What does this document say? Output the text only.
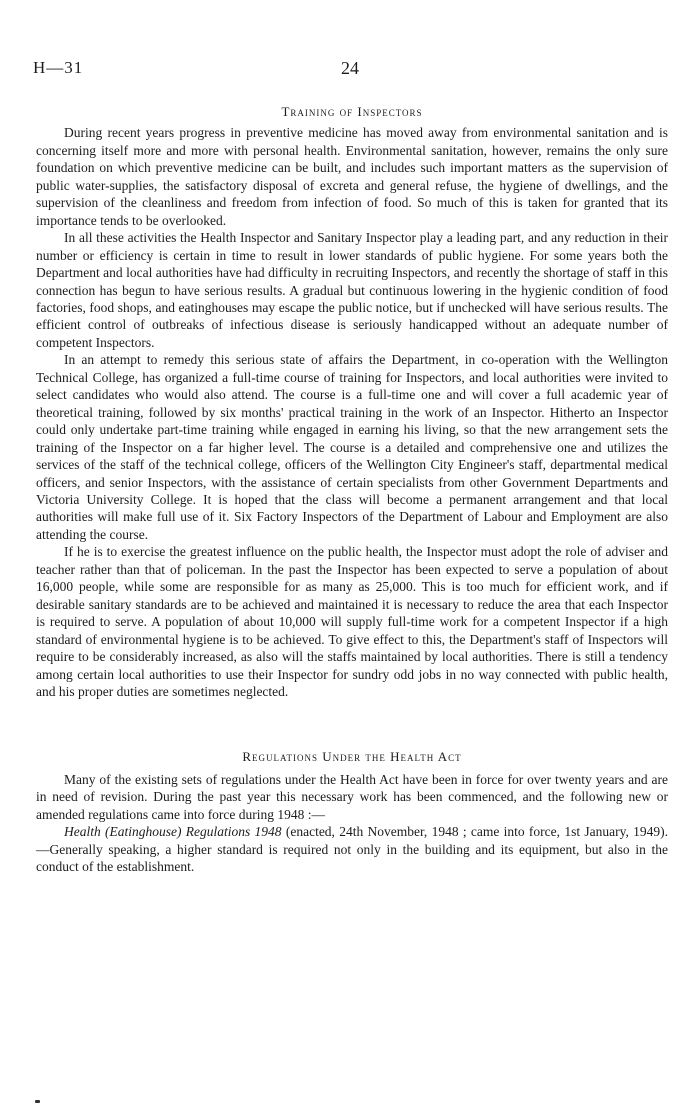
H—31	24
Training of Inspectors

During recent years progress in preventive medicine has moved away from environmental sanitation and is concerning itself more and more with personal health. Environmental sanitation, however, remains the only sure foundation on which preventive medicine can be built, and includes such important matters as the supervision of public water-supplies, the satisfactory disposal of excreta and general refuse, the hygiene of dwellings, and the supervision of the cleanliness and freedom from infection of food. So much of this is taken for granted that its importance tends to be overlooked.

In all these activities the Health Inspector and Sanitary Inspector play a leading part, and any reduction in their number or efficiency is certain in time to result in lower standards of public hygiene. For some years both the Department and local authorities have had difficulty in recruiting Inspectors, and recently the shortage of staff in this connection has begun to have serious results. A gradual but continuous lowering in the hygienic condition of food factories, food shops, and eatinghouses may escape the public notice, but if unchecked will have serious results. The efficient control of outbreaks of infectious disease is seriously handicapped without an adequate number of competent Inspectors.

In an attempt to remedy this serious state of affairs the Department, in co-operation with the Wellington Technical College, has organized a full-time course of training for Inspectors, and local authorities were invited to select candidates who would also attend. The course is a full-time one and will cover a full academic year of theoretical training, followed by six months' practical training in the work of an Inspector. Hitherto an Inspector could only undertake part-time training while engaged in earning his living, so that the new arrangement sets the training of the Inspector on a far higher level. The course is a detailed and comprehensive one and utilizes the services of the staff of the technical college, officers of the Wellington City Engineer's staff, departmental medical officers, and senior Inspectors, with the assistance of certain specialists from other Government Departments and Victoria University College. It is hoped that the class will become a permanent arrangement and that local authorities will make full use of it. Six Factory Inspectors of the Department of Labour and Employment are also attending the course.

If he is to exercise the greatest influence on the public health, the Inspector must adopt the role of adviser and teacher rather than that of policeman. In the past the Inspector has been expected to serve a population of about 16,000 people, while some are responsible for as many as 25,000. This is too much for efficient work, and if desirable sanitary standards are to be achieved and maintained it is necessary to reduce the area that each Inspector is required to serve. A population of about 10,000 will supply full-time work for a competent Inspector if a high standard of environmental hygiene is to be achieved. To give effect to this, the Department's staff of Inspectors will require to be considerably increased, as also will the staffs maintained by local authorities. There is still a tendency among certain local authorities to use their Inspector for sundry odd jobs in no way connected with public health, and his proper duties are sometimes neglected.

Regulations Under the Health Act

Many of the existing sets of regulations under the Health Act have been in force for over twenty years and are in need of revision. During the past year this necessary work has been commenced, and the following new or amended regulations came into force during 1948 :—

Health (Eatinghouse) Regulations 1948 (enacted, 24th November, 1948 ; came into force, 1st January, 1949).—Generally speaking, a higher standard is required not only in the building and its equipment, but also in the conduct of the establishment.
